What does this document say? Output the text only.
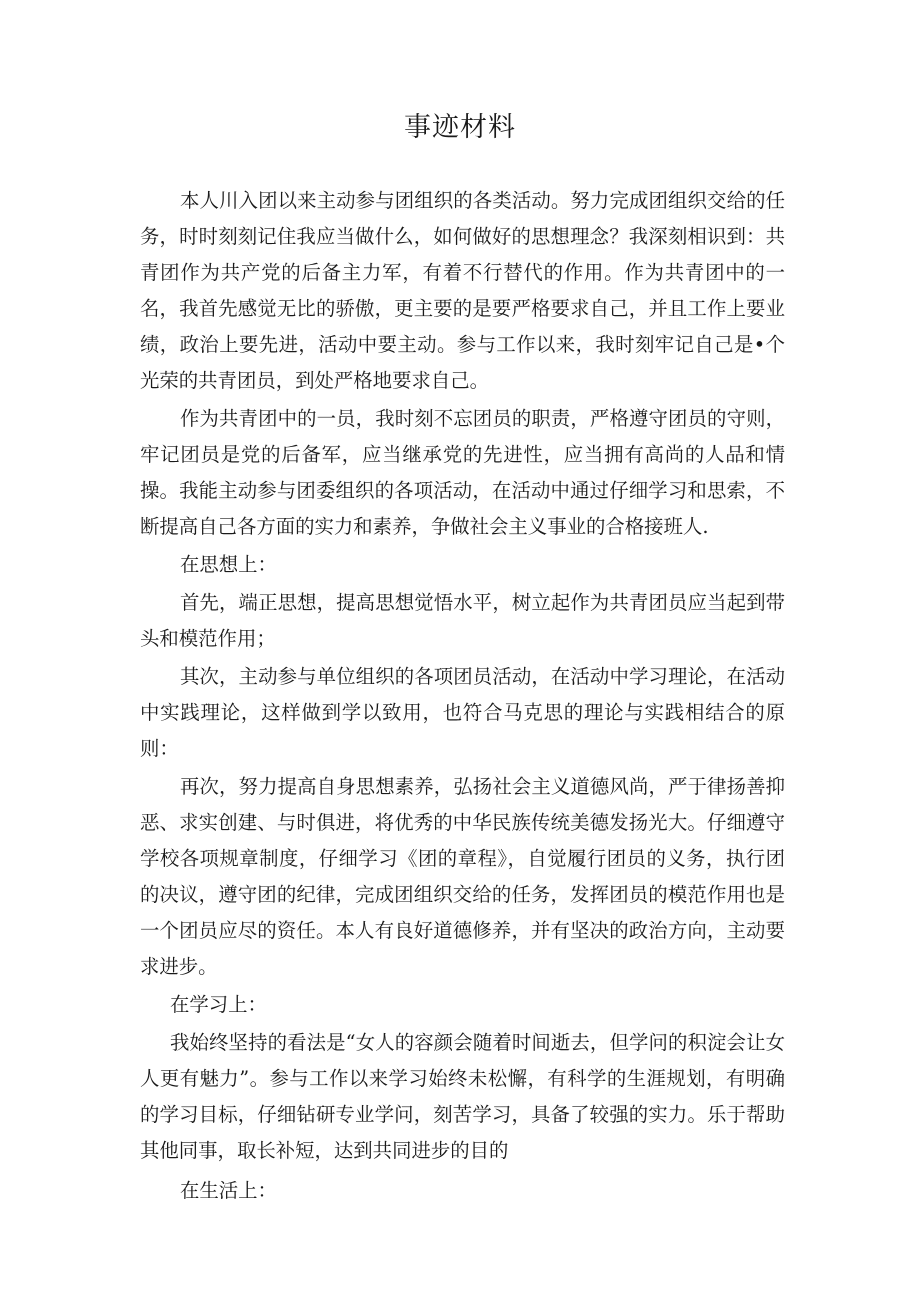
事迹材料

本人川入团以来主动参与团组织的各类活动。努力完成团组织交给的任务，时时刻刻记住我应当做什么，如何做好的思想理念？我深刻相识到：共青团作为共产党的后备主力军，有着不行替代的作用。作为共青团中的一名，我首先感觉无比的骄傲，更主要的是要严格要求自己，并且工作上要业绩，政治上要先进，活动中要主动。参与工作以来，我时刻牢记自己是•个光荣的共青团员，到处严格地要求自己。

作为共青团中的一员，我时刻不忘团员的职责，严格遵守团员的守则，牢记团员是党的后备军，应当继承党的先进性，应当拥有高尚的人品和情操。我能主动参与团委组织的各项活动，在活动中通过仔细学习和思索，不断提高自己各方面的实力和素养，争做社会主义事业的合格接班人.

在思想上：

首先，端正思想，提高思想觉悟水平，树立起作为共青团员应当起到带头和模范作用；

其次，主动参与单位组织的各项团员活动，在活动中学习理论，在活动中实践理论，这样做到学以致用，也符合马克思的理论与实践相结合的原则：

再次，努力提高自身思想素养，弘扬社会主义道德风尚，严于律扬善抑恶、求实创建、与时俱进，将优秀的中华民族传统美德发扬光大。仔细遵守学校各项规章制度，仔细学习《团的章程》，自觉履行团员的义务，执行团的决议，遵守团的纪律，完成团组织交给的任务，发挥团员的模范作用也是一个团员应尽的资任。本人有良好道德修养，并有坚决的政治方向，主动要求进步。

在学习上：

我始终坚持的看法是“女人的容颜会随着时间逝去，但学问的积淀会让女人更有魅力”。参与工作以来学习始终未松懈，有科学的生涯规划，有明确的学习目标，仔细钻研专业学问，刻苦学习，具备了较强的实力。乐于帮助其他同事，取长补短，达到共同进步的目的

在生活上：
